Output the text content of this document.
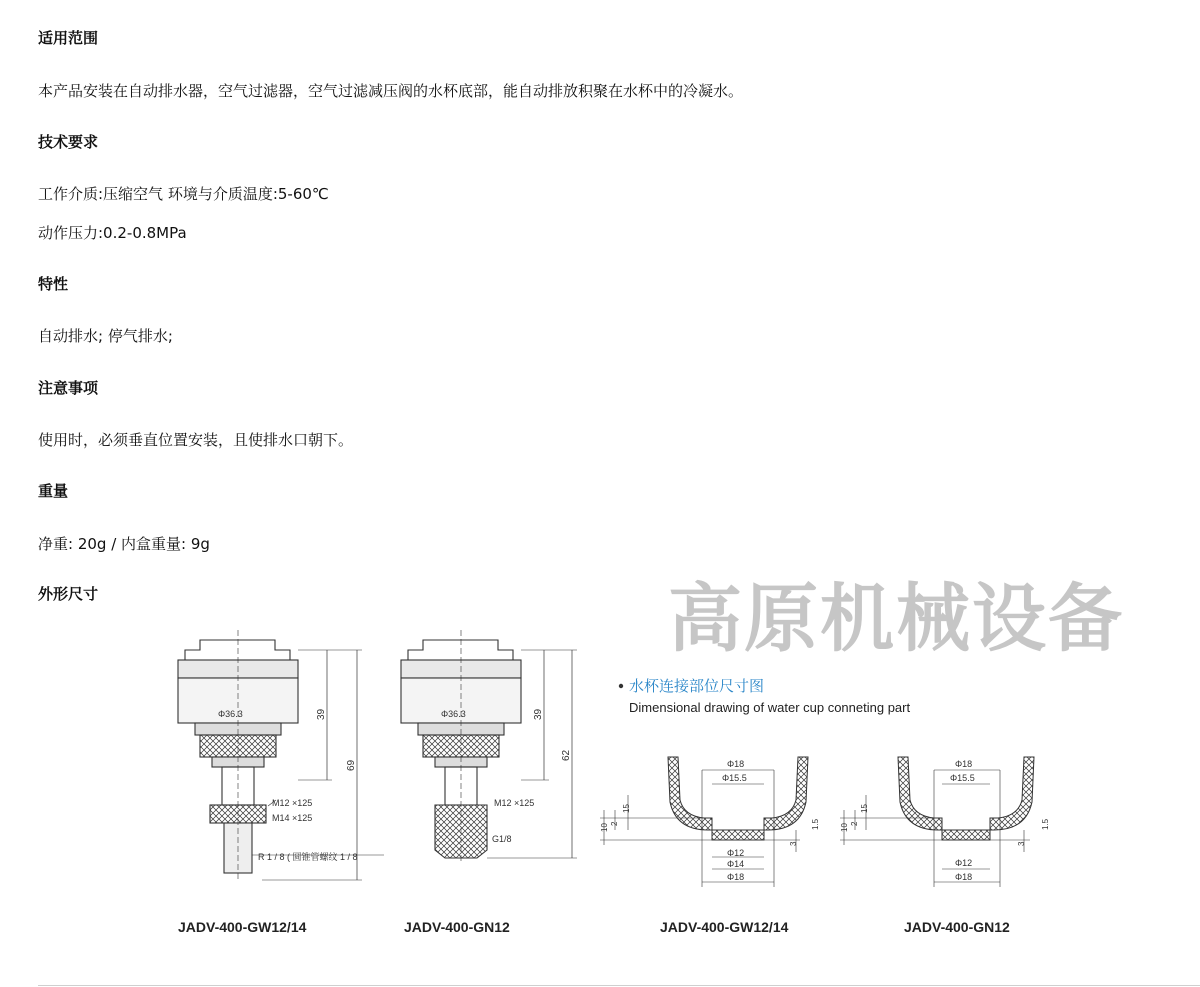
适用范围
本产品安装在自动排水器，空气过滤器，空气过滤减压阀的水杯底部，能自动排放积聚在水杯中的冷凝水。
技术要求
工作介质:压缩空气 环境与介质温度:5-60℃
动作压力:0.2-0.8MPa
特性
自动排水; 停气排水;
注意事项
使用时，必须垂直位置安装，且使排水口朝下。
重量
净重: 20g / 内盒重量: 9g
外形尺寸	高原机械设备
Φ36.3	39
69
M12 ×125
M14 ×125
R 1 / 8 ( 圆锥管螺纹 1 / 8
Φ36.3	39
62
M12 ×125
G1/8
水杯连接部位尺寸图
Dimensional drawing of water cup conneting part
Φ18
Φ15.5
Φ12
Φ14
Φ18
10 2
15
3
1.5
Φ18
Φ15.5
Φ12
Φ18
10 2
15
3
1.5
JADV-400-GW12/14	JADV-400-GN12	JADV-400-GW12/14	JADV-400-GN12
